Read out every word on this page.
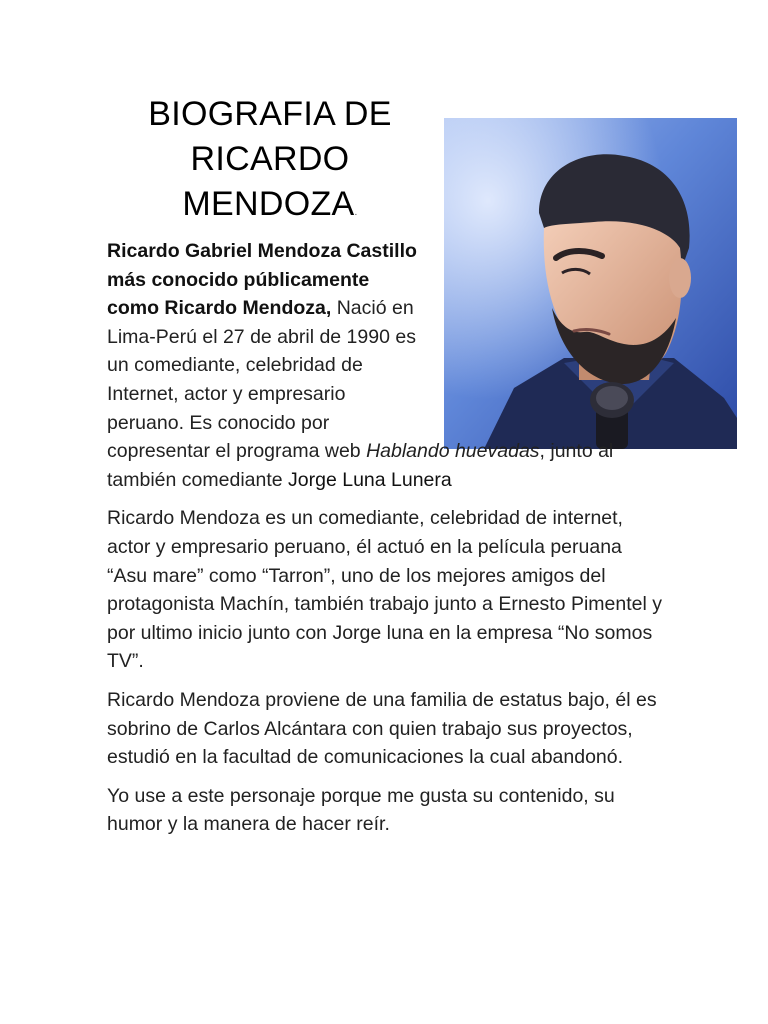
BIOGRAFIA DE
RICARDO
MENDOZA.

Ricardo Gabriel Mendoza Castillo más conocido públicamente como Ricardo Mendoza, Nació en Lima-Perú el 27 de abril de 1990 es un comediante, celebridad de Internet, actor y empresario peruano. Es conocido por
copresentar el programa web Hablando huevadas, junto al también comediante Jorge Luna Lunera

Ricardo Mendoza es un comediante, celebridad de internet, actor y empresario peruano, él actuó en la película peruana “Asu mare” como “Tarron”, uno de los mejores amigos del protagonista Machín, también trabajo junto a Ernesto Pimentel y por ultimo inicio junto con Jorge luna en la empresa “No somos TV”.

Ricardo Mendoza proviene de una familia de estatus bajo, él es sobrino de Carlos Alcántara con quien trabajo sus proyectos, estudió en la facultad de comunicaciones la cual abandonó.

Yo use a este personaje porque me gusta su contenido, su humor y la manera de hacer reír.
